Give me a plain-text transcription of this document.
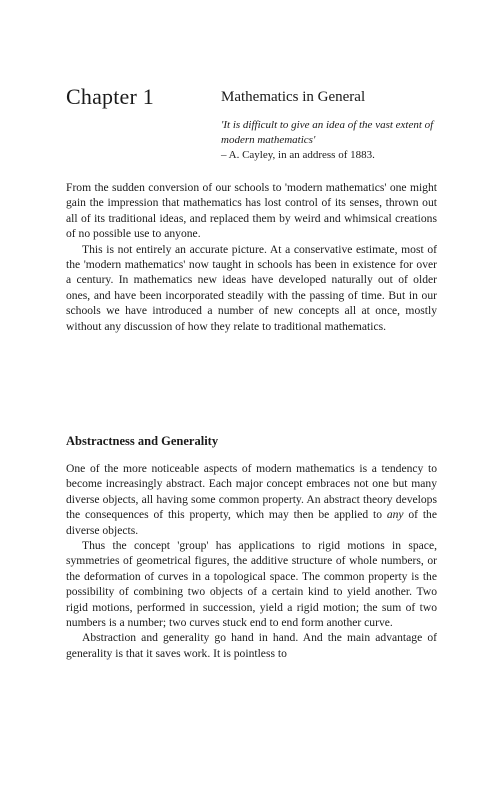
Chapter 1	Mathematics in General
'It is difficult to give an idea of the vast extent of modern mathematics'
– A. Cayley, in an address of 1883.

From the sudden conversion of our schools to 'modern mathematics' one might gain the impression that mathematics has lost control of its senses, thrown out all of its traditional ideas, and replaced them by weird and whimsical creations of no possible use to anyone.

This is not entirely an accurate picture. At a conservative estimate, most of the 'modern mathematics' now taught in schools has been in existence for over a century. In mathematics new ideas have developed naturally out of older ones, and have been incorporated steadily with the passing of time. But in our schools we have introduced a number of new concepts all at once, mostly without any discussion of how they relate to traditional mathematics.

Abstractness and Generality

One of the more noticeable aspects of modern mathematics is a tendency to become increasingly abstract. Each major concept embraces not one but many diverse objects, all having some common property. An abstract theory develops the consequences of this property, which may then be applied to any of the diverse objects.

Thus the concept 'group' has applications to rigid motions in space, symmetries of geometrical figures, the additive structure of whole numbers, or the deformation of curves in a topological space. The common property is the possibility of combining two objects of a certain kind to yield another. Two rigid motions, performed in succession, yield a rigid motion; the sum of two numbers is a number; two curves stuck end to end form another curve.

Abstraction and generality go hand in hand. And the main advantage of generality is that it saves work. It is pointless to
